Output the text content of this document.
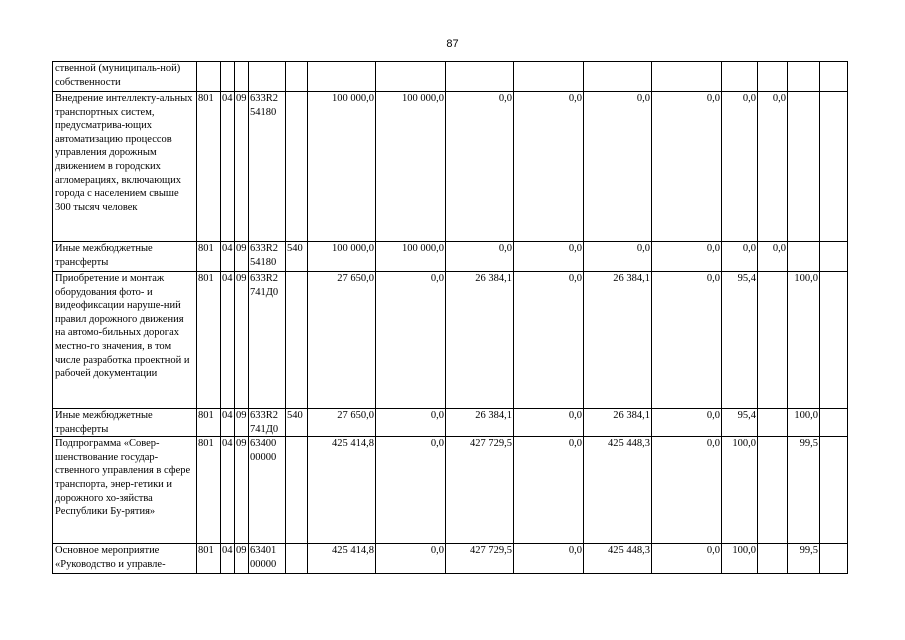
87
ственной (муниципаль-ной) собственности															
Внедрение интеллекту-альных транспортных систем, предусматрива-ющих автоматизацию процессов управления дорожным движением в городских агломерациях, включающих города с населением свыше 300 тысяч человек	801	04	09	633R2 54180		100 000,0	100 000,0	0,0	0,0	0,0	0,0	0,0	0,0		
Иные межбюджетные трансферты	801	04	09	633R2 54180	540	100 000,0	100 000,0	0,0	0,0	0,0	0,0	0,0	0,0		
Приобретение и монтаж оборудования фото- и видеофиксации наруше-ний правил дорожного движения на автомо-бильных дорогах местно-го значения, в том числе разработка проектной и рабочей документации	801	04	09	633R2 741Д0		27 650,0	0,0	26 384,1	0,0	26 384,1	0,0	95,4		100,0	
Иные межбюджетные трансферты	801	04	09	633R2 741Д0	540	27 650,0	0,0	26 384,1	0,0	26 384,1	0,0	95,4		100,0	
Подпрограмма «Совер-шенствование государ-ственного управления в сфере транспорта, энер-гетики и дорожного хо-зяйства Республики Бу-рятия»	801	04	09	63400 00000		425 414,8	0,0	427 729,5	0,0	425 448,3	0,0	100,0		99,5	
Основное мероприятие «Руководство и управле-	801	04	09	63401 00000		425 414,8	0,0	427 729,5	0,0	425 448,3	0,0	100,0		99,5	
